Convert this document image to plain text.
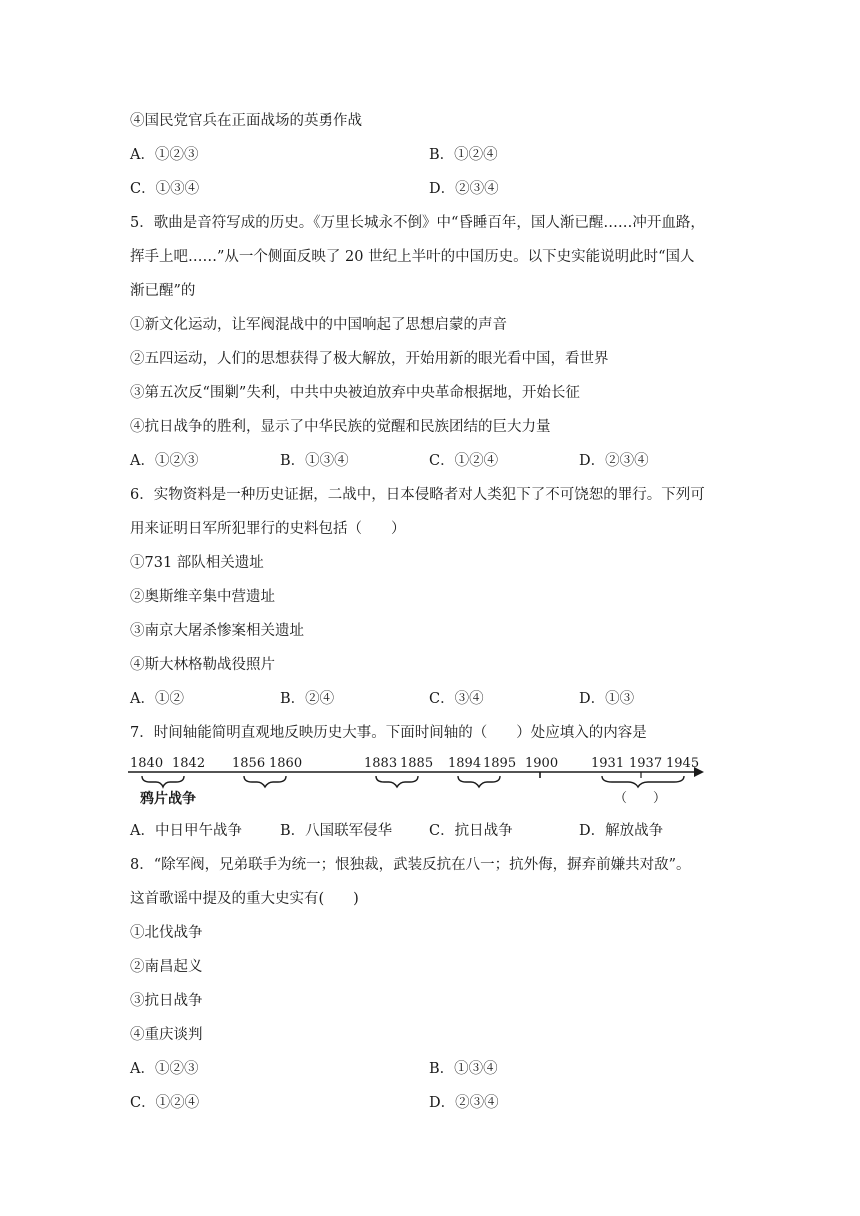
④国民党官兵在正面战场的英勇作战
A．①②③	B．①②④
C．①③④	D．②③④
5．歌曲是音符写成的历史。《万里长城永不倒》中“昏睡百年，国人渐已醒……冲开血路，
挥手上吧……”从一个侧面反映了 20 世纪上半叶的中国历史。以下史实能说明此时“国人
渐已醒”的
①新文化运动，让军阀混战中的中国响起了思想启蒙的声音
②五四运动，人们的思想获得了极大解放，开始用新的眼光看中国，看世界
③第五次反“围剿”失利，中共中央被迫放弃中央革命根据地，开始长征
④抗日战争的胜利，显示了中华民族的觉醒和民族团结的巨大力量
A．①②③	B．①③④	C．①②④	D．②③④
6．实物资料是一种历史证据，二战中，日本侵略者对人类犯下了不可饶恕的罪行。下列可
用来证明日军所犯罪行的史料包括（　　）
①731 部队相关遗址
②奥斯维辛集中营遗址
③南京大屠杀惨案相关遗址
④斯大林格勒战役照片
A．①②	B．②④	C．③④	D．①③
7．时间轴能简明直观地反映历史大事。下面时间轴的（　　）处应填入的内容是
1840 1842 1856 1860	1883 1885 1894 1895 1900	1931 1937 1945
鸦片战争	（　　）
A．中日甲午战争	B．八国联军侵华	C．抗日战争	D．解放战争
8．“除军阀，兄弟联手为统一；恨独裁，武装反抗在八一；抗外侮，摒弃前嫌共对敌”。
这首歌谣中提及的重大史实有(　　)
①北伐战争
②南昌起义
③抗日战争
④重庆谈判
A．①②③	B．①③④
C．①②④	D．②③④
